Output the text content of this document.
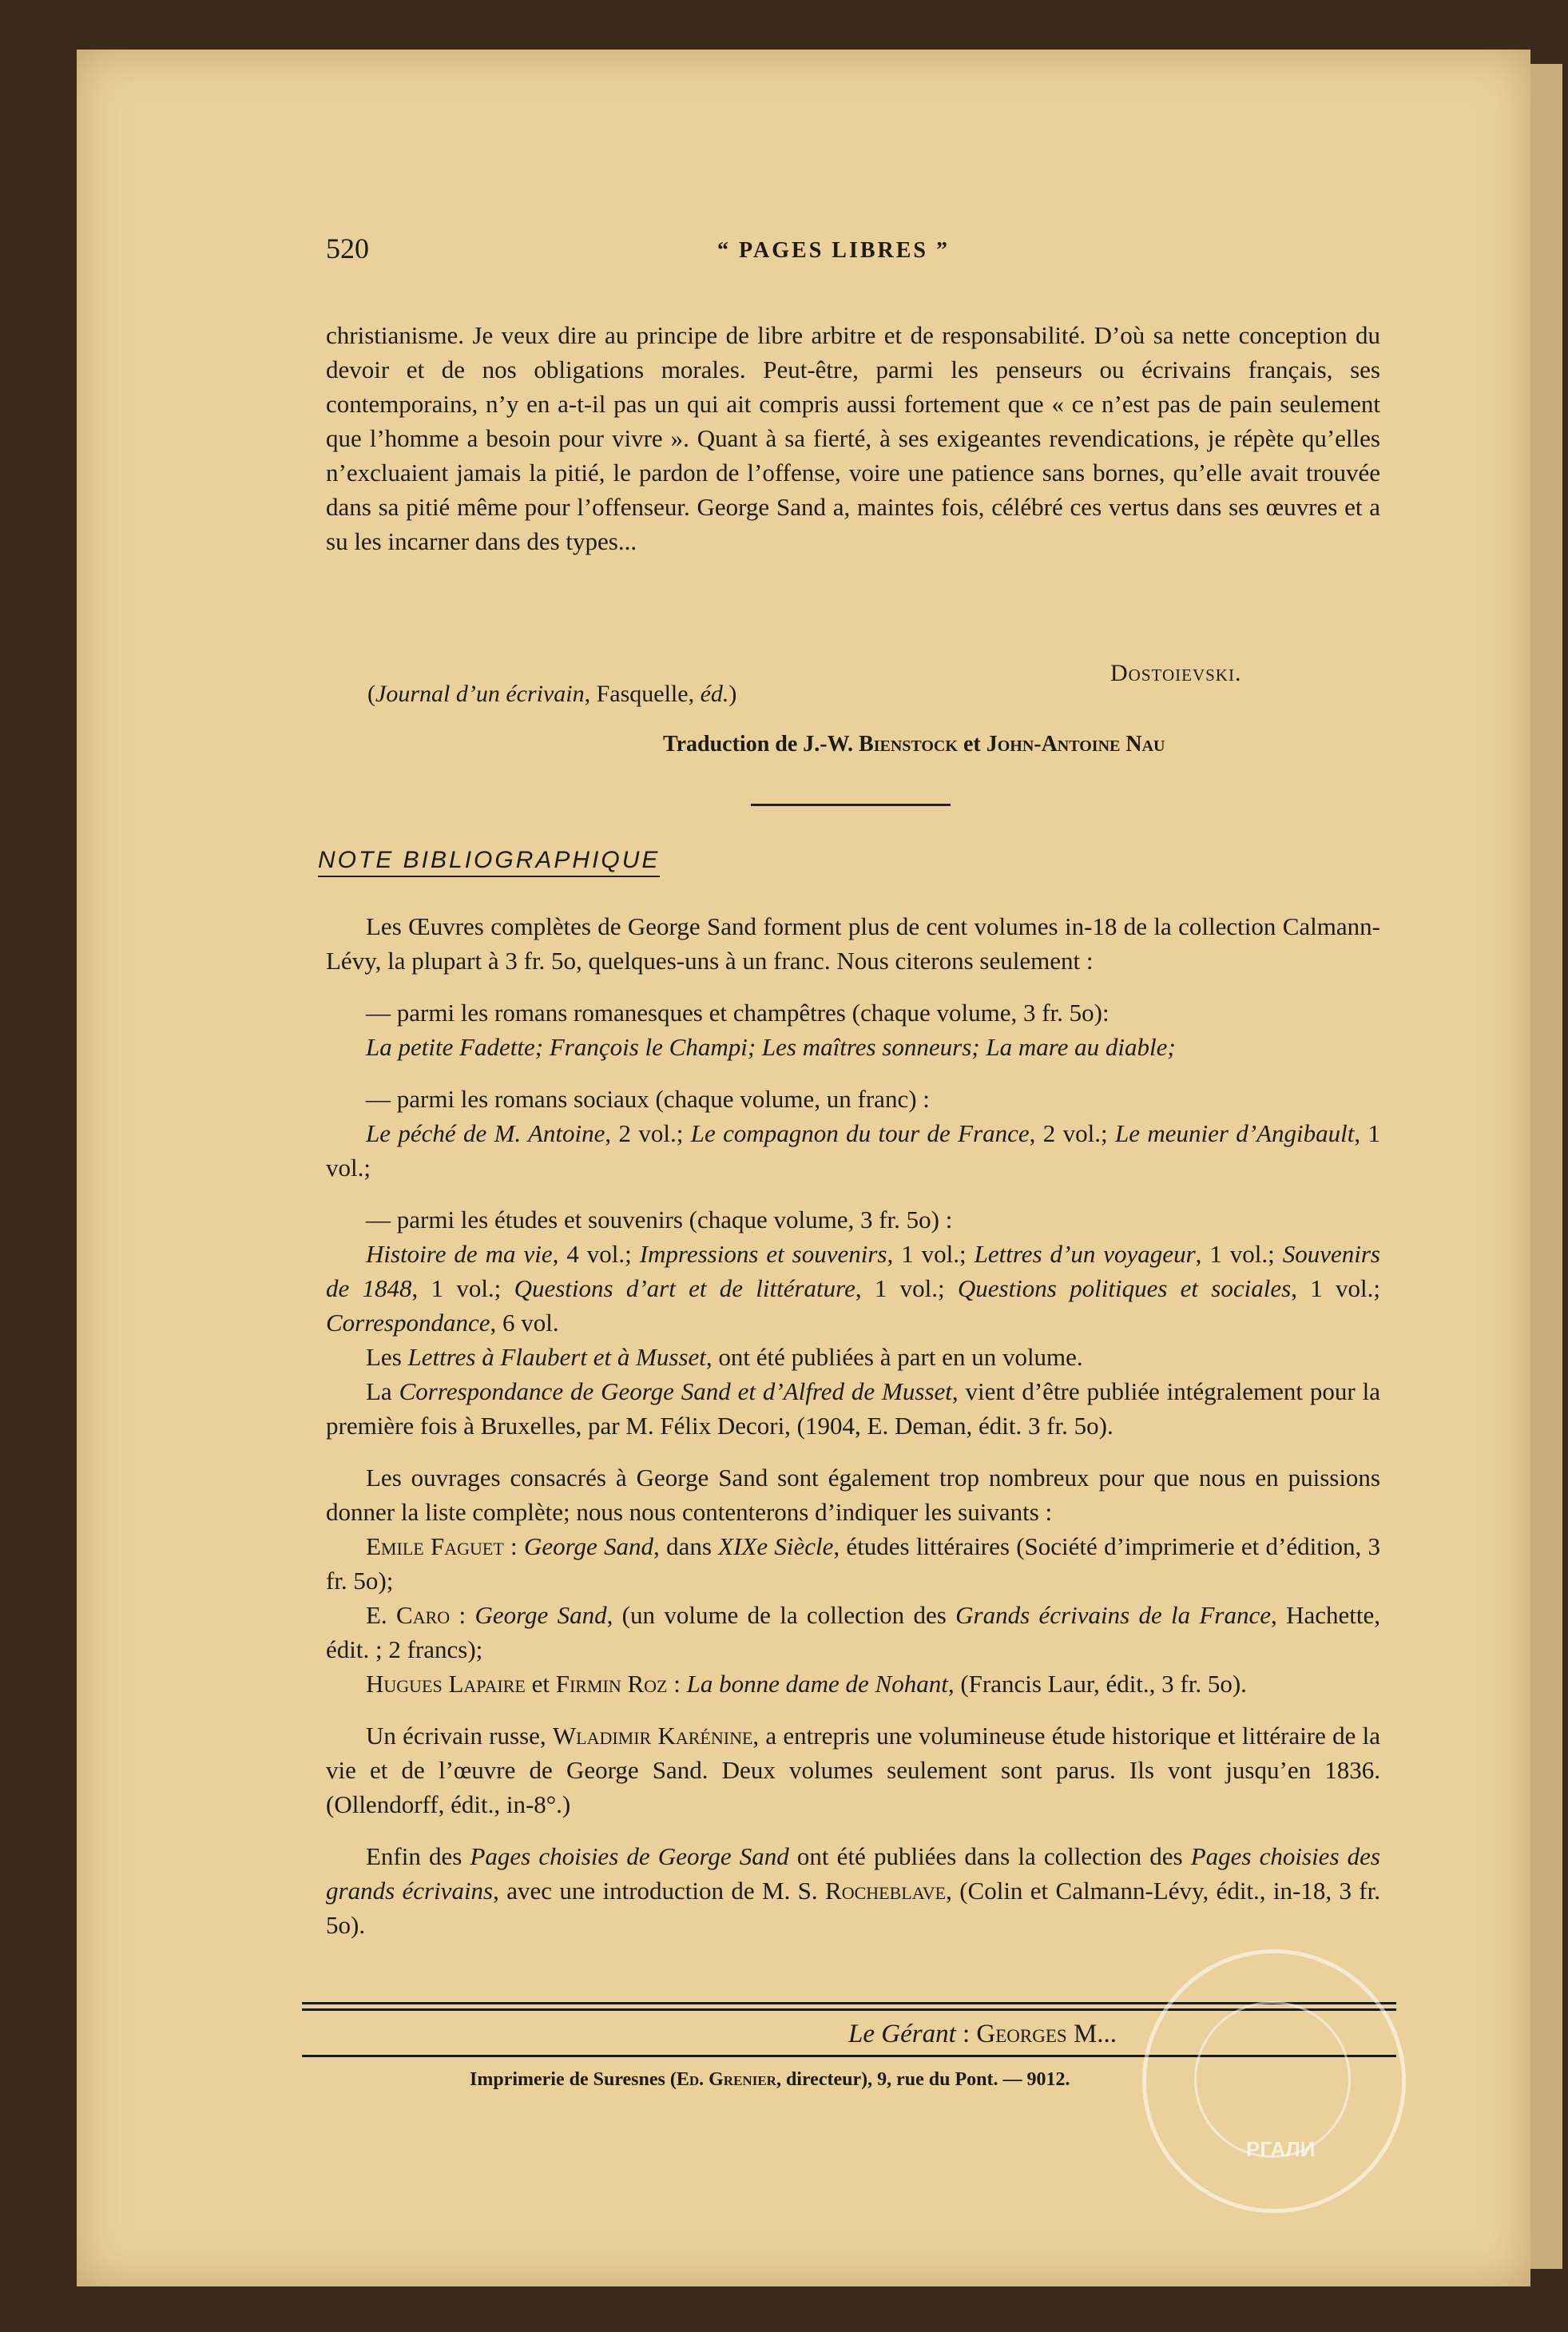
520	“ PAGES LIBRES ”

christianisme. Je veux dire au principe de libre arbitre et de responsabilité. D’où sa nette conception du devoir et de nos obligations morales. Peut-être, parmi les penseurs ou écrivains français, ses contemporains, n’y en a-t-il pas un qui ait compris aussi fortement que « ce n’est pas de pain seulement que l’homme a besoin pour vivre ». Quant à sa fierté, à ses exigeantes revendications, je répète qu’elles n’excluaient jamais la pitié, le pardon de l’offense, voire une patience sans bornes, qu’elle avait trouvée dans sa pitié même pour l’offenseur. George Sand a, maintes fois, célébré ces vertus dans ses œuvres et a su les incarner dans des types...

Dostoievski.
(Journal d’un écrivain, Fasquelle, éd.)
Traduction de J.-W. Bienstock et John-Antoine Nau
NOTE BIBLIOGRAPHIQUE

Les Œuvres complètes de George Sand forment plus de cent volumes in-18 de la collection Calmann-Lévy, la plupart à 3 fr. 5o, quelques-uns à un franc. Nous citerons seulement :

— parmi les romans romanesques et champêtres (chaque volume, 3 fr. 5o):

La petite Fadette; François le Champi; Les maîtres sonneurs; La mare au diable;

— parmi les romans sociaux (chaque volume, un franc) :

Le péché de M. Antoine, 2 vol.; Le compagnon du tour de France, 2 vol.; Le meunier d’Angibault, 1 vol.;

— parmi les études et souvenirs (chaque volume, 3 fr. 5o) :

Histoire de ma vie, 4 vol.; Impressions et souvenirs, 1 vol.; Lettres d’un voyageur, 1 vol.; Souvenirs de 1848, 1 vol.; Questions d’art et de littérature, 1 vol.; Questions politiques et sociales, 1 vol.; Correspondance, 6 vol.

Les Lettres à Flaubert et à Musset, ont été publiées à part en un volume.

La Correspondance de George Sand et d’Alfred de Musset, vient d’être publiée intégralement pour la première fois à Bruxelles, par M. Félix Decori, (1904, E. Deman, édit. 3 fr. 5o).

Les ouvrages consacrés à George Sand sont également trop nombreux pour que nous en puissions donner la liste complète; nous nous contenterons d’indiquer les suivants :

Emile Faguet : George Sand, dans XIXe Siècle, études littéraires (Société d’imprimerie et d’édition, 3 fr. 5o);

E. Caro : George Sand, (un volume de la collection des Grands écrivains de la France, Hachette, édit. ; 2 francs);

Hugues Lapaire et Firmin Roz : La bonne dame de Nohant, (Francis Laur, édit., 3 fr. 5o).

Un écrivain russe, Wladimir Karénine, a entrepris une volumineuse étude historique et littéraire de la vie et de l’œuvre de George Sand. Deux volumes seulement sont parus. Ils vont jusqu’en 1836. (Ollendorff, édit., in-8°.)

Enfin des Pages choisies de George Sand ont été publiées dans la collection des Pages choisies des grands écrivains, avec une introduction de M. S. Rocheblave, (Colin et Calmann-Lévy, édit., in-18, 3 fr. 5o).

Le Gérant : Georges M...
Imprimerie de Suresnes (Ed. Grenier, directeur), 9, rue du Pont. — 9012.
РГАЛИ
